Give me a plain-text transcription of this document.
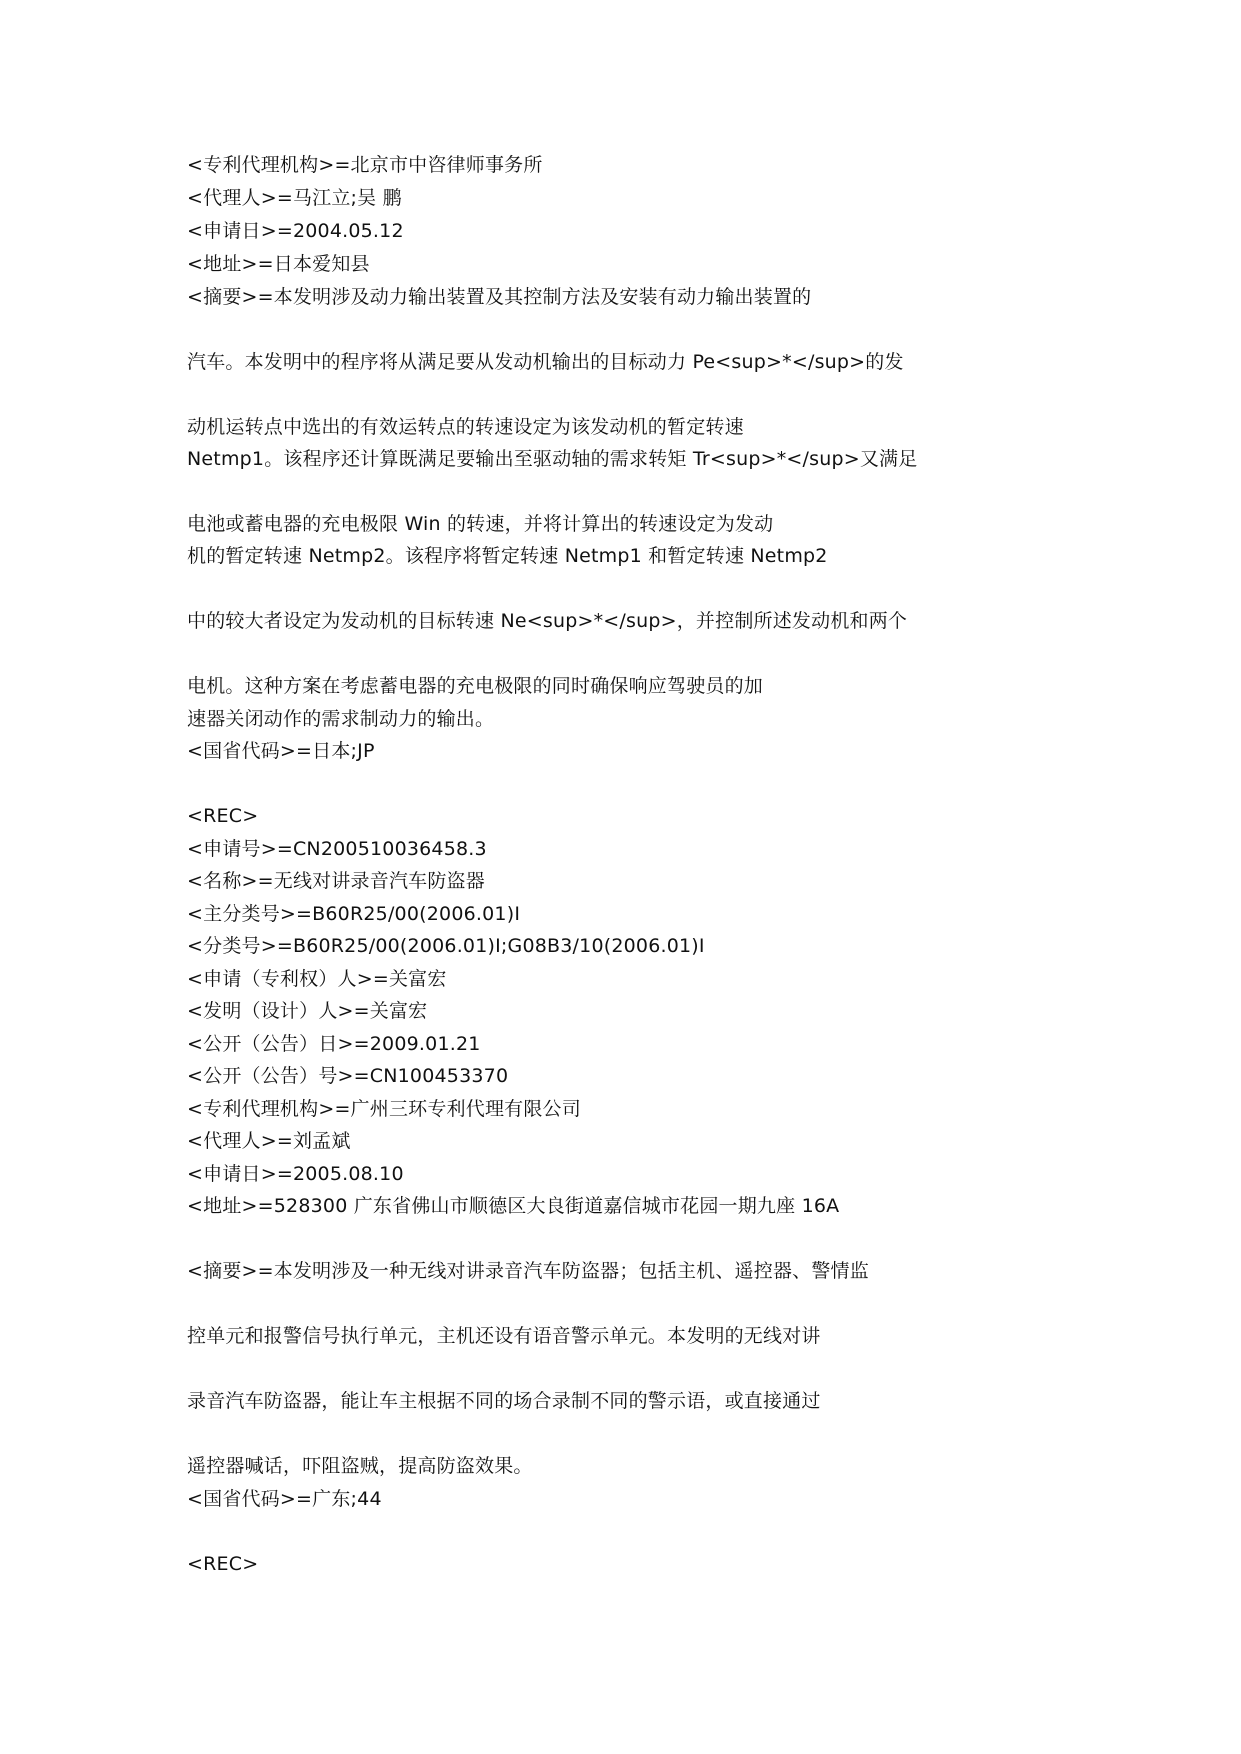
<专利代理机构>=北京市中咨律师事务所
<代理人>=马江立;吴 鹏
<申请日>=2004.05.12
<地址>=日本爱知县
<摘要>=本发明涉及动力输出装置及其控制方法及安装有动力输出装置的
汽车。本发明中的程序将从满足要从发动机输出的目标动力 Pe<sup>*</sup>的发
动机运转点中选出的有效运转点的转速设定为该发动机的暂定转速
Netmp1。该程序还计算既满足要输出至驱动轴的需求转矩 Tr<sup>*</sup>又满足
电池或蓄电器的充电极限 Win 的转速，并将计算出的转速设定为发动
机的暂定转速 Netmp2。该程序将暂定转速 Netmp1 和暂定转速 Netmp2
中的较大者设定为发动机的目标转速 Ne<sup>*</sup>，并控制所述发动机和两个
电机。这种方案在考虑蓄电器的充电极限的同时确保响应驾驶员的加
速器关闭动作的需求制动力的输出。
<国省代码>=日本;JP
<REC>
<申请号>=CN200510036458.3
<名称>=无线对讲录音汽车防盗器
<主分类号>=B60R25/00(2006.01)I
<分类号>=B60R25/00(2006.01)I;G08B3/10(2006.01)I
<申请（专利权）人>=关富宏
<发明（设计）人>=关富宏
<公开（公告）日>=2009.01.21
<公开（公告）号>=CN100453370
<专利代理机构>=广州三环专利代理有限公司
<代理人>=刘孟斌
<申请日>=2005.08.10
<地址>=528300 广东省佛山市顺德区大良街道嘉信城市花园一期九座 16A
<摘要>=本发明涉及一种无线对讲录音汽车防盗器；包括主机、遥控器、警情监
控单元和报警信号执行单元，主机还设有语音警示单元。本发明的无线对讲
录音汽车防盗器，能让车主根据不同的场合录制不同的警示语，或直接通过
遥控器喊话，吓阻盗贼，提高防盗效果。
<国省代码>=广东;44
<REC>
